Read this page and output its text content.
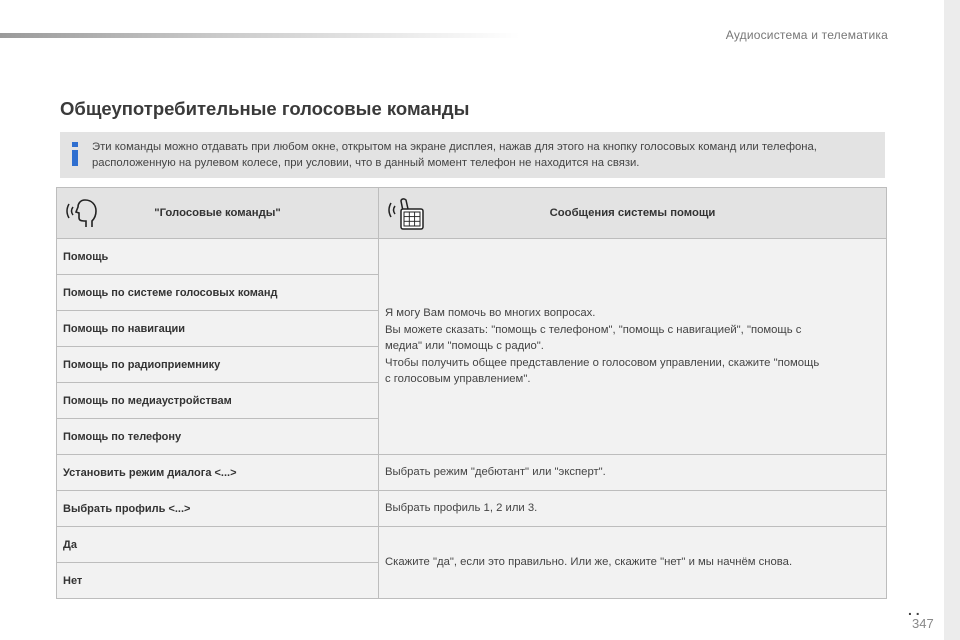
Аудиосистема и телематика
Общеупотребительные голосовые команды
Эти команды можно отдавать при любом окне, открытом на экране дисплея, нажав для этого на кнопку голосовых команд или телефона, расположенную на рулевом колесе, при условии, что в данный момент телефон не находится на связи.
"Голосовые команды"	Сообщения системы помощи

Помощь	Я могу Вам помочь во многих вопросах.
Вы можете сказать: "помощь с телефоном", "помощь с навигацией", "помощь с
медиа" или "помощь с радио".
Чтобы получить общее представление о голосовом управлении, скажите "помощь
с голосовым управлением".

Помощь по системе голосовых команд	
Помощь по навигации	
Помощь по радиоприемнику	
Помощь по медиаустройствам	
Помощь по телефону	
Установить режим диалога <...>	Выбрать режим "дебютант" или "эксперт".
Выбрать профиль <...>	Выбрать профиль 1, 2 или 3.
Да	Скажите "да", если это правильно. Или же, скажите "нет" и мы начнём снова.
Нет	
. .
347
